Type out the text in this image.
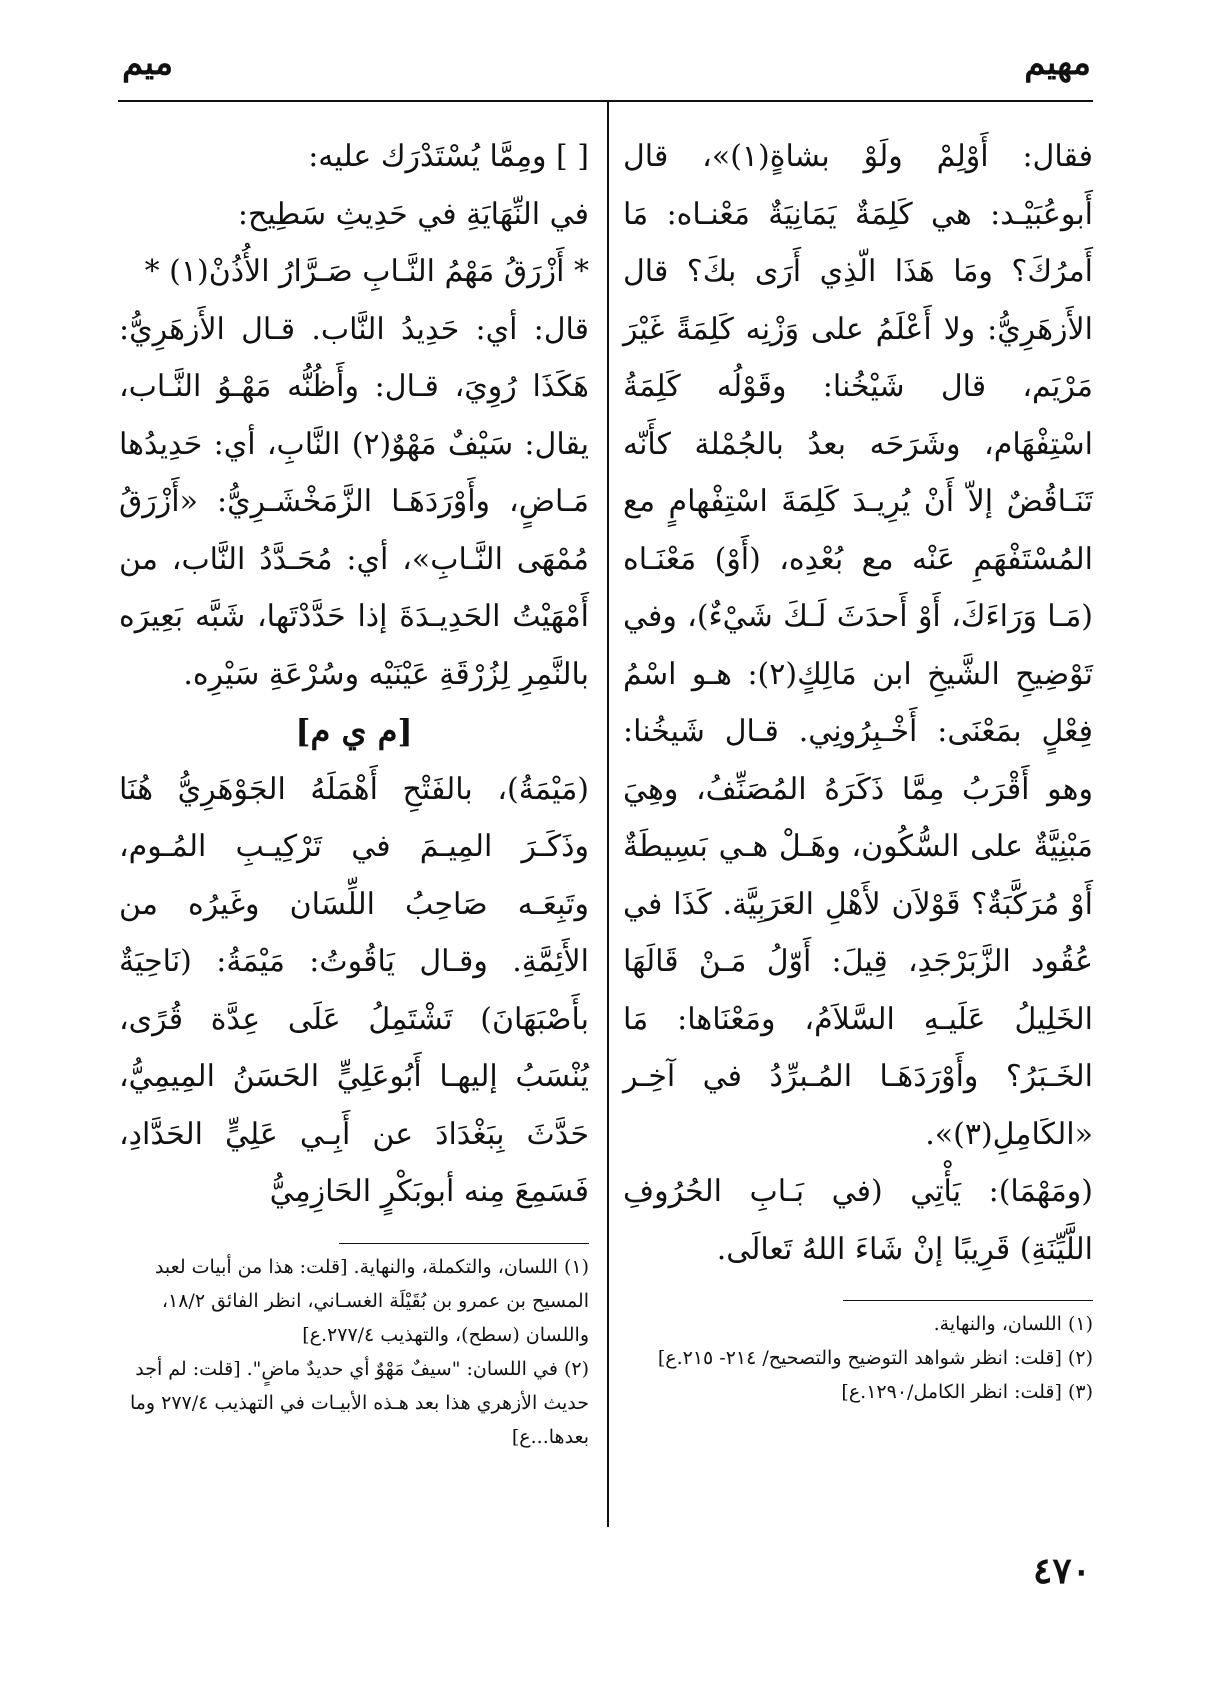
مهيم
ميم

فقال: أَوْلِمْ ولَوْ بشاةٍ(١)»، قال أَبوعُبَيْـد: هي كَلِمَةٌ يَمَانِيَةٌ مَعْنـاه: مَا أَمرُكَ؟ ومَا هَذَا الّذِي أَرَى بكَ؟ قال الأَزهَرِيُّ: ولا أَعْلَمُ على وَزْنِه كَلِمَةً غَيْرَ مَرْيَم، قال شَيْخُنا: وقَوْلُه كَلِمَةُ اسْتِفْهَام، وشَرَحَه بعدُ بالجُمْلة كأَنّه تَنَـاقُضٌ إلاّ أَنْ يُرِيـدَ كَلِمَةَ اسْتِفْهامٍ مع المُسْتَفْهَمِ عَنْه مع بُعْدِه، (أَوْ) مَعْنَـاه (مَـا وَرَاءَكَ، أَوْ أَحدَثَ لَـكَ شَيْءٌ)، وفي تَوْضِيحِ الشَّيخِ ابن مَالِكٍ(٢): هـو اسْمُ فِعْلٍ بمَعْنَى: أَخْـبِرُونِي. قـال شَيخُنا: وهو أَقْرَبُ مِمَّا ذَكَرَهُ المُصَنِّفُ، وهِيَ مَبْنِيَّةٌ على السُّكُون، وهَـلْ هـي بَسِيطَةٌ أَوْ مُرَكَّبَةٌ؟ قَوْلاَن لأَهْلِ العَرَبِيَّة. كَذَا في عُقُود الزَّبَرْجَدِ، قِيلَ: أَوّلُ مَـنْ قَالَهَا الخَلِيلُ عَلَيـهِ السَّلاَمُ، ومَعْنَاها: مَا الخَـبَرُ؟ وأَوْرَدَهَـا المُـبرِّدُ في آخِـر «الكَامِلِ(٣)».

(ومَهْمَا): يَأْتِي (في بَـابِ الحُرُوفِ اللَّيِّنَةِ) قَرِيبًا إنْ شَاءَ اللهُ تَعالَى.

(١) اللسان، والنهاية.

(٢) [قلت: انظر شواهد التوضيح والتصحيح/ ٢١٤- ٢١٥.ع]

(٣) [قلت: انظر الكامل/١٢٩٠.ع]

[ ] ومِمَّا يُسْتَدْرَك عليه:

في النِّهَايَةِ في حَدِيثِ سَطِيح:

* أَزْرَقُ مَهْمُ النَّـابِ صَـرَّارُ الأُذُنْ(١) *

قال: أي: حَدِيدُ النَّاب. قـال الأَزهَرِيُّ: هَكَذَا رُوِيَ، قـال: وأَظُنُّه مَهْـوُ النَّـاب، يقال: سَيْفٌ مَهْوٌ(٢) النَّابِ، أي: حَدِيدُها مَـاضٍ، وأَوْرَدَهَـا الزَّمَخْشَـرِيُّ: «أَزْرَقُ مُمْهَى النَّـابِ»، أي: مُحَـدَّدُ النَّاب، من أَمْهَيْتُ الحَدِيـدَةَ إذا حَدَّدْتَها، شَبَّه بَعِيرَه بالنَّمِرِ لِزُرْقَةِ عَيْنَيْه وسُرْعَةِ سَيْرِه.

[م ي م]

(مَيْمَةُ)، بالفَتْحِ أَهْمَلَهُ الجَوْهَرِيُّ هُنَا وذَكَـرَ المِيـمَ في تَرْكِيـبِ المُـوم، وتَبِعَـه صَاحِبُ اللِّسَان وغَيرُه من الأَئِمَّةِ. وقـال يَاقُوتُ: مَيْمَةُ: (نَاحِيَةٌ بأَصْبَهَانَ) تَشْتَمِلُ عَلَى عِدَّة قُرًى، يُنْسَبُ إليهـا أَبُوعَلِيٍّ الحَسَنُ المِيمِيُّ، حَدَّثَ بِبَغْدَادَ عن أَبِـي عَلِيٍّ الحَدَّادِ، فَسَمِعَ مِنه أبوبَكْرٍ الحَازِمِيُّ

(١) اللسان، والتكملة، والنهاية. [قلت: هذا من أبيات لعبد المسيح بن عمرو بن بُقَيْلَة الغسـاني، انظر الفائق ١٨/٢، واللسان (سطح)، والتهذيب ٢٧٧/٤.ع]

(٢) في اللسان: "سيفٌ مَهْوٌ أي حديدٌ ماضٍ". [قلت: لم أجد حديث الأزهري هذا بعد هـذه الأبيـات في التهذيب ٢٧٧/٤ وما بعدها...ع]

٤٧٠
